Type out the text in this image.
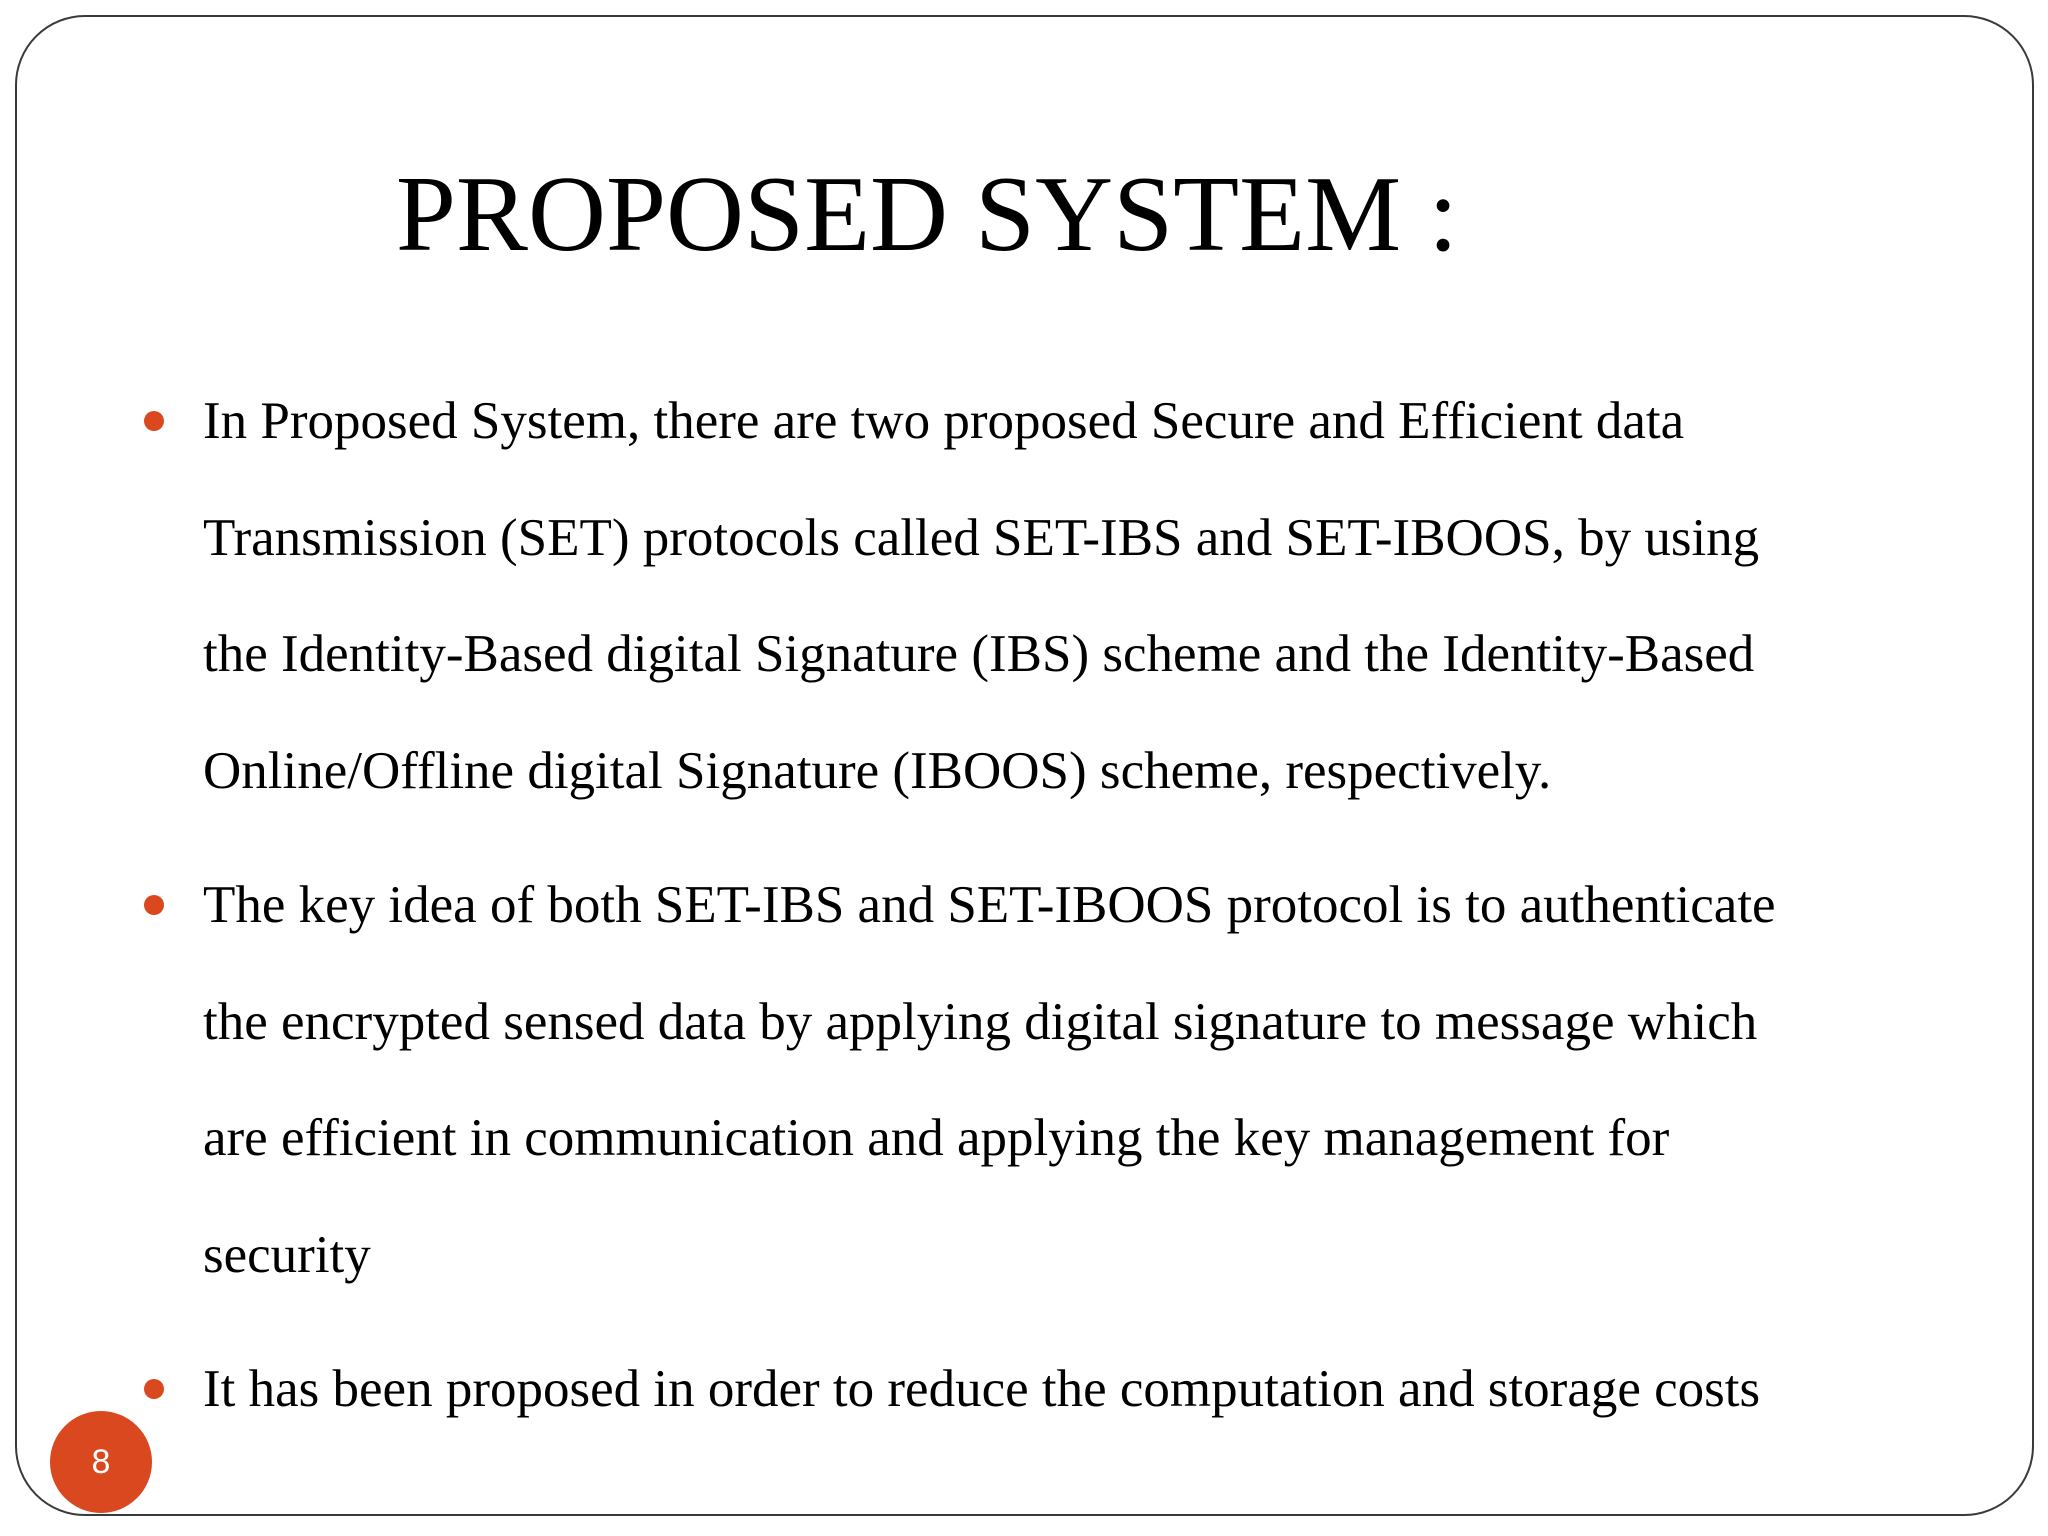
PROPOSED SYSTEM :
In Proposed System, there are two proposed Secure and Efficient data
Transmission (SET) protocols called SET-IBS and SET-IBOOS, by using
the Identity-Based digital Signature (IBS) scheme and the Identity-Based
Online/Offline digital Signature (IBOOS) scheme, respectively.
The key idea of both SET-IBS and SET-IBOOS protocol is to authenticate
the encrypted sensed data by applying digital signature to message which
are efficient in communication and applying the key management for
security
It has been proposed in order to reduce the computation and storage costs
8
